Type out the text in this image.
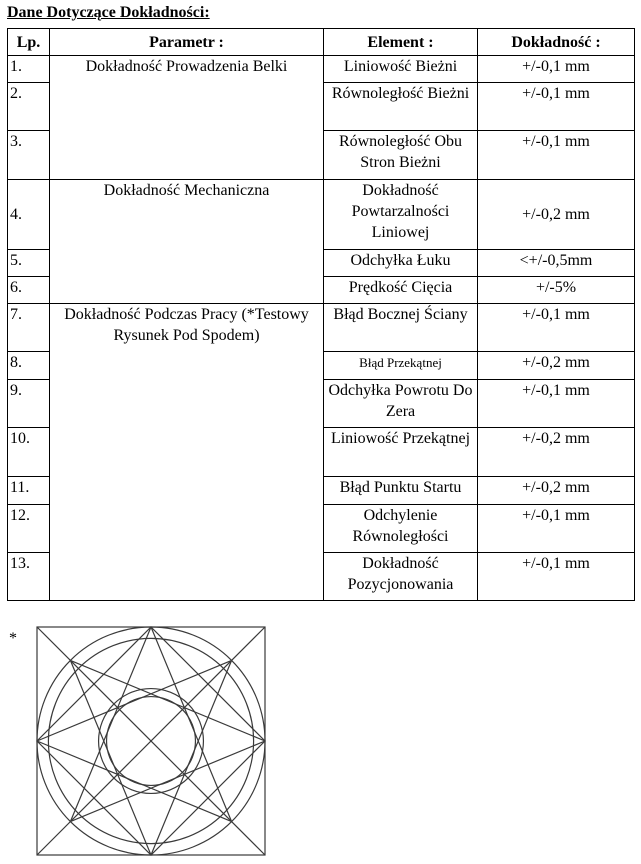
Dane Dotyczące Dokładności:
Lp.	Parametr :	Element :	Dokładność :
1.	Dokładność Prowadzenia Belki	Liniowość Bieżni	+/-0,1 mm
2.		Równoległość Bieżni	+/-0,1 mm
3.		Równoległość Obu Stron Bieżni	+/-0,1 mm
4.	Dokładność Mechaniczna	Dokładność Powtarzalności Liniowej	+/-0,2 mm
5.		Odchyłka Łuku	<+/-0,5mm
6.		Prędkość Cięcia	+/-5%
7.	Dokładność Podczas Pracy (*Testowy Rysunek Pod Spodem)	Błąd Bocznej Ściany	+/-0,1 mm
8.		Błąd Przekątnej	+/-0,2 mm
9.		Odchyłka Powrotu Do Zera	+/-0,1 mm
10.		Liniowość Przekątnej	+/-0,2 mm
11.		Błąd Punktu Startu	+/-0,2 mm
12.		Odchylenie Równoległości	+/-0,1 mm
13.		Dokładność Pozycjonowania	+/-0,1 mm
*
